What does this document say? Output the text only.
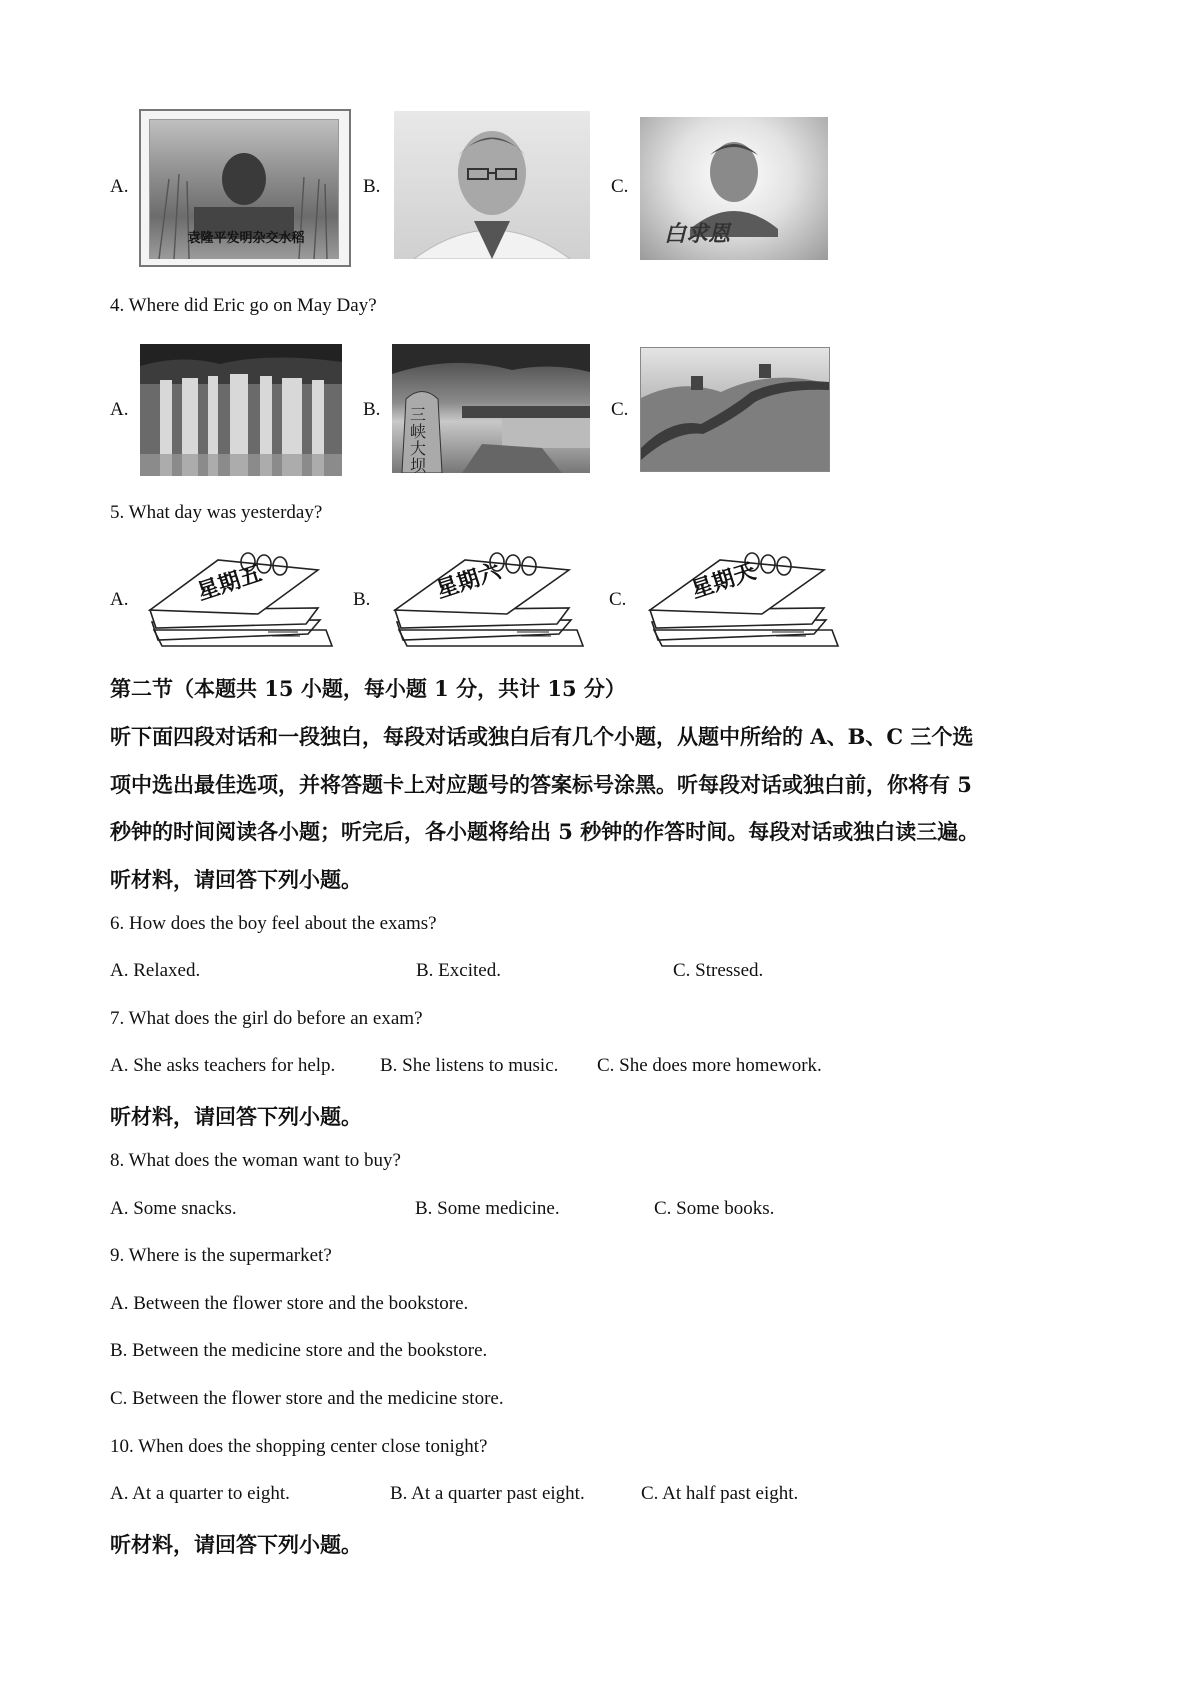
A.
袁隆平发明杂交水稻
B.	C.
白求恩
4. Where did Eric go on May Day?
A.	B. 三峡大坝
C.
5. What day was yesterday?
A.	星期五	B.	星期六	C.	星期天
第二节（本题共 15 小题，每小题 1 分，共计 15 分）
听下面四段对话和一段独白，每段对话或独白后有几个小题，从题中所给的 A、B、C 三个选
项中选出最佳选项，并将答题卡上对应题号的答案标号涂黑。听每段对话或独白前，你将有 5
秒钟的时间阅读各小题；听完后，各小题将给出 5 秒钟的作答时间。每段对话或独白读三遍。
听材料，请回答下列小题。
6. How does the boy feel about the exams?
A. Relaxed.	B. Excited.	C. Stressed.
7. What does the girl do before an exam?
A. She asks teachers for help. B. She listens to music. C. She does more homework.
听材料，请回答下列小题。
8. What does the woman want to buy?
A. Some snacks.	B. Some medicine.	C. Some books.
9. Where is the supermarket?
A. Between the flower store and the bookstore.
B. Between the medicine store and the bookstore.
C. Between the flower store and the medicine store.
10. When does the shopping center close tonight?
A. At a quarter to eight.	B. At a quarter past eight.	C. At half past eight.
听材料，请回答下列小题。
